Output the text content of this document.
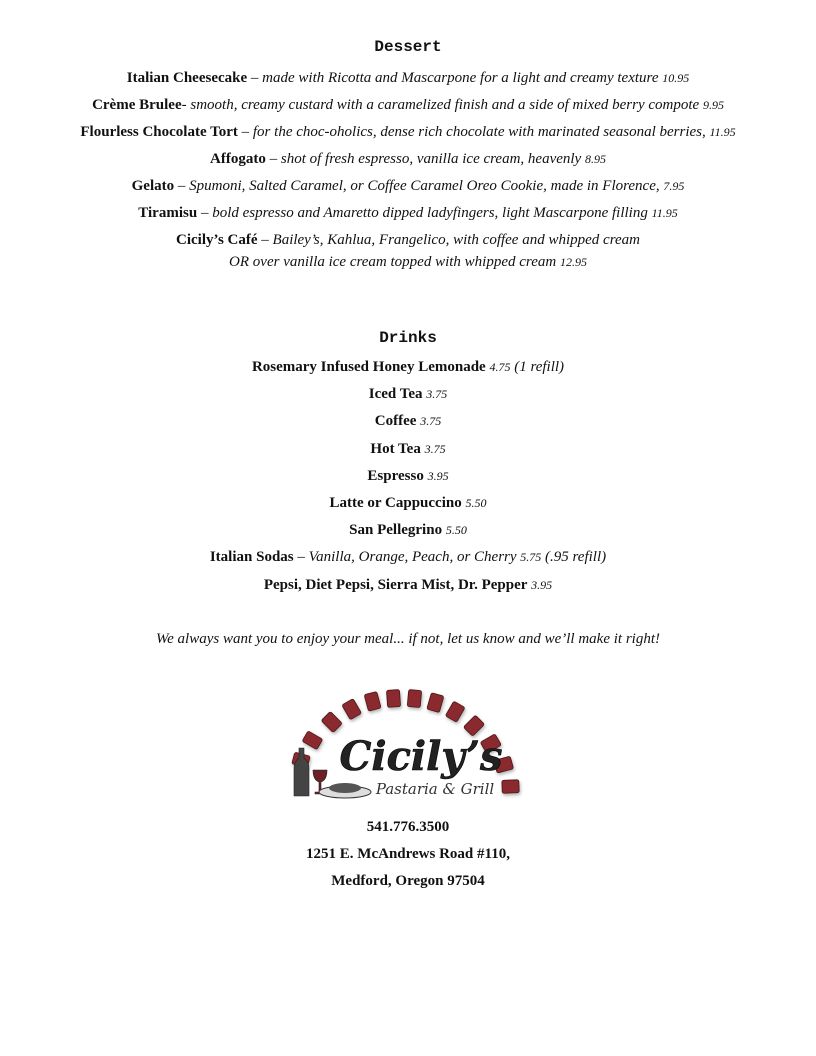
Dessert
Italian Cheesecake – made with Ricotta and Mascarpone for a light and creamy texture 10.95
Crème Brulee- smooth, creamy custard with a caramelized finish and a side of mixed berry compote 9.95
Flourless Chocolate Tort – for the choc-oholics, dense rich chocolate with marinated seasonal berries, 11.95
Affogato – shot of fresh espresso, vanilla ice cream, heavenly 8.95
Gelato – Spumoni, Salted Caramel, or Coffee Caramel Oreo Cookie, made in Florence, 7.95
Tiramisu – bold espresso and Amaretto dipped ladyfingers, light Mascarpone filling 11.95
Cicily’s Café – Bailey’s, Kahlua, Frangelico, with coffee and whipped cream
OR over vanilla ice cream topped with whipped cream 12.95
Drinks
Rosemary Infused Honey Lemonade 4.75 (1 refill)
Iced Tea 3.75
Coffee 3.75
Hot Tea 3.75
Espresso 3.95
Latte or Cappuccino 5.50
San Pellegrino 5.50
Italian Sodas – Vanilla, Orange, Peach, or Cherry 5.75 (.95 refill)
Pepsi, Diet Pepsi, Sierra Mist, Dr. Pepper 3.95
We always want you to enjoy your meal... if not, let us know and we’ll make it right!
Cicily’s
Pastaria & Grill
541.776.3500
1251 E. McAndrews Road #110,
Medford, Oregon 97504
